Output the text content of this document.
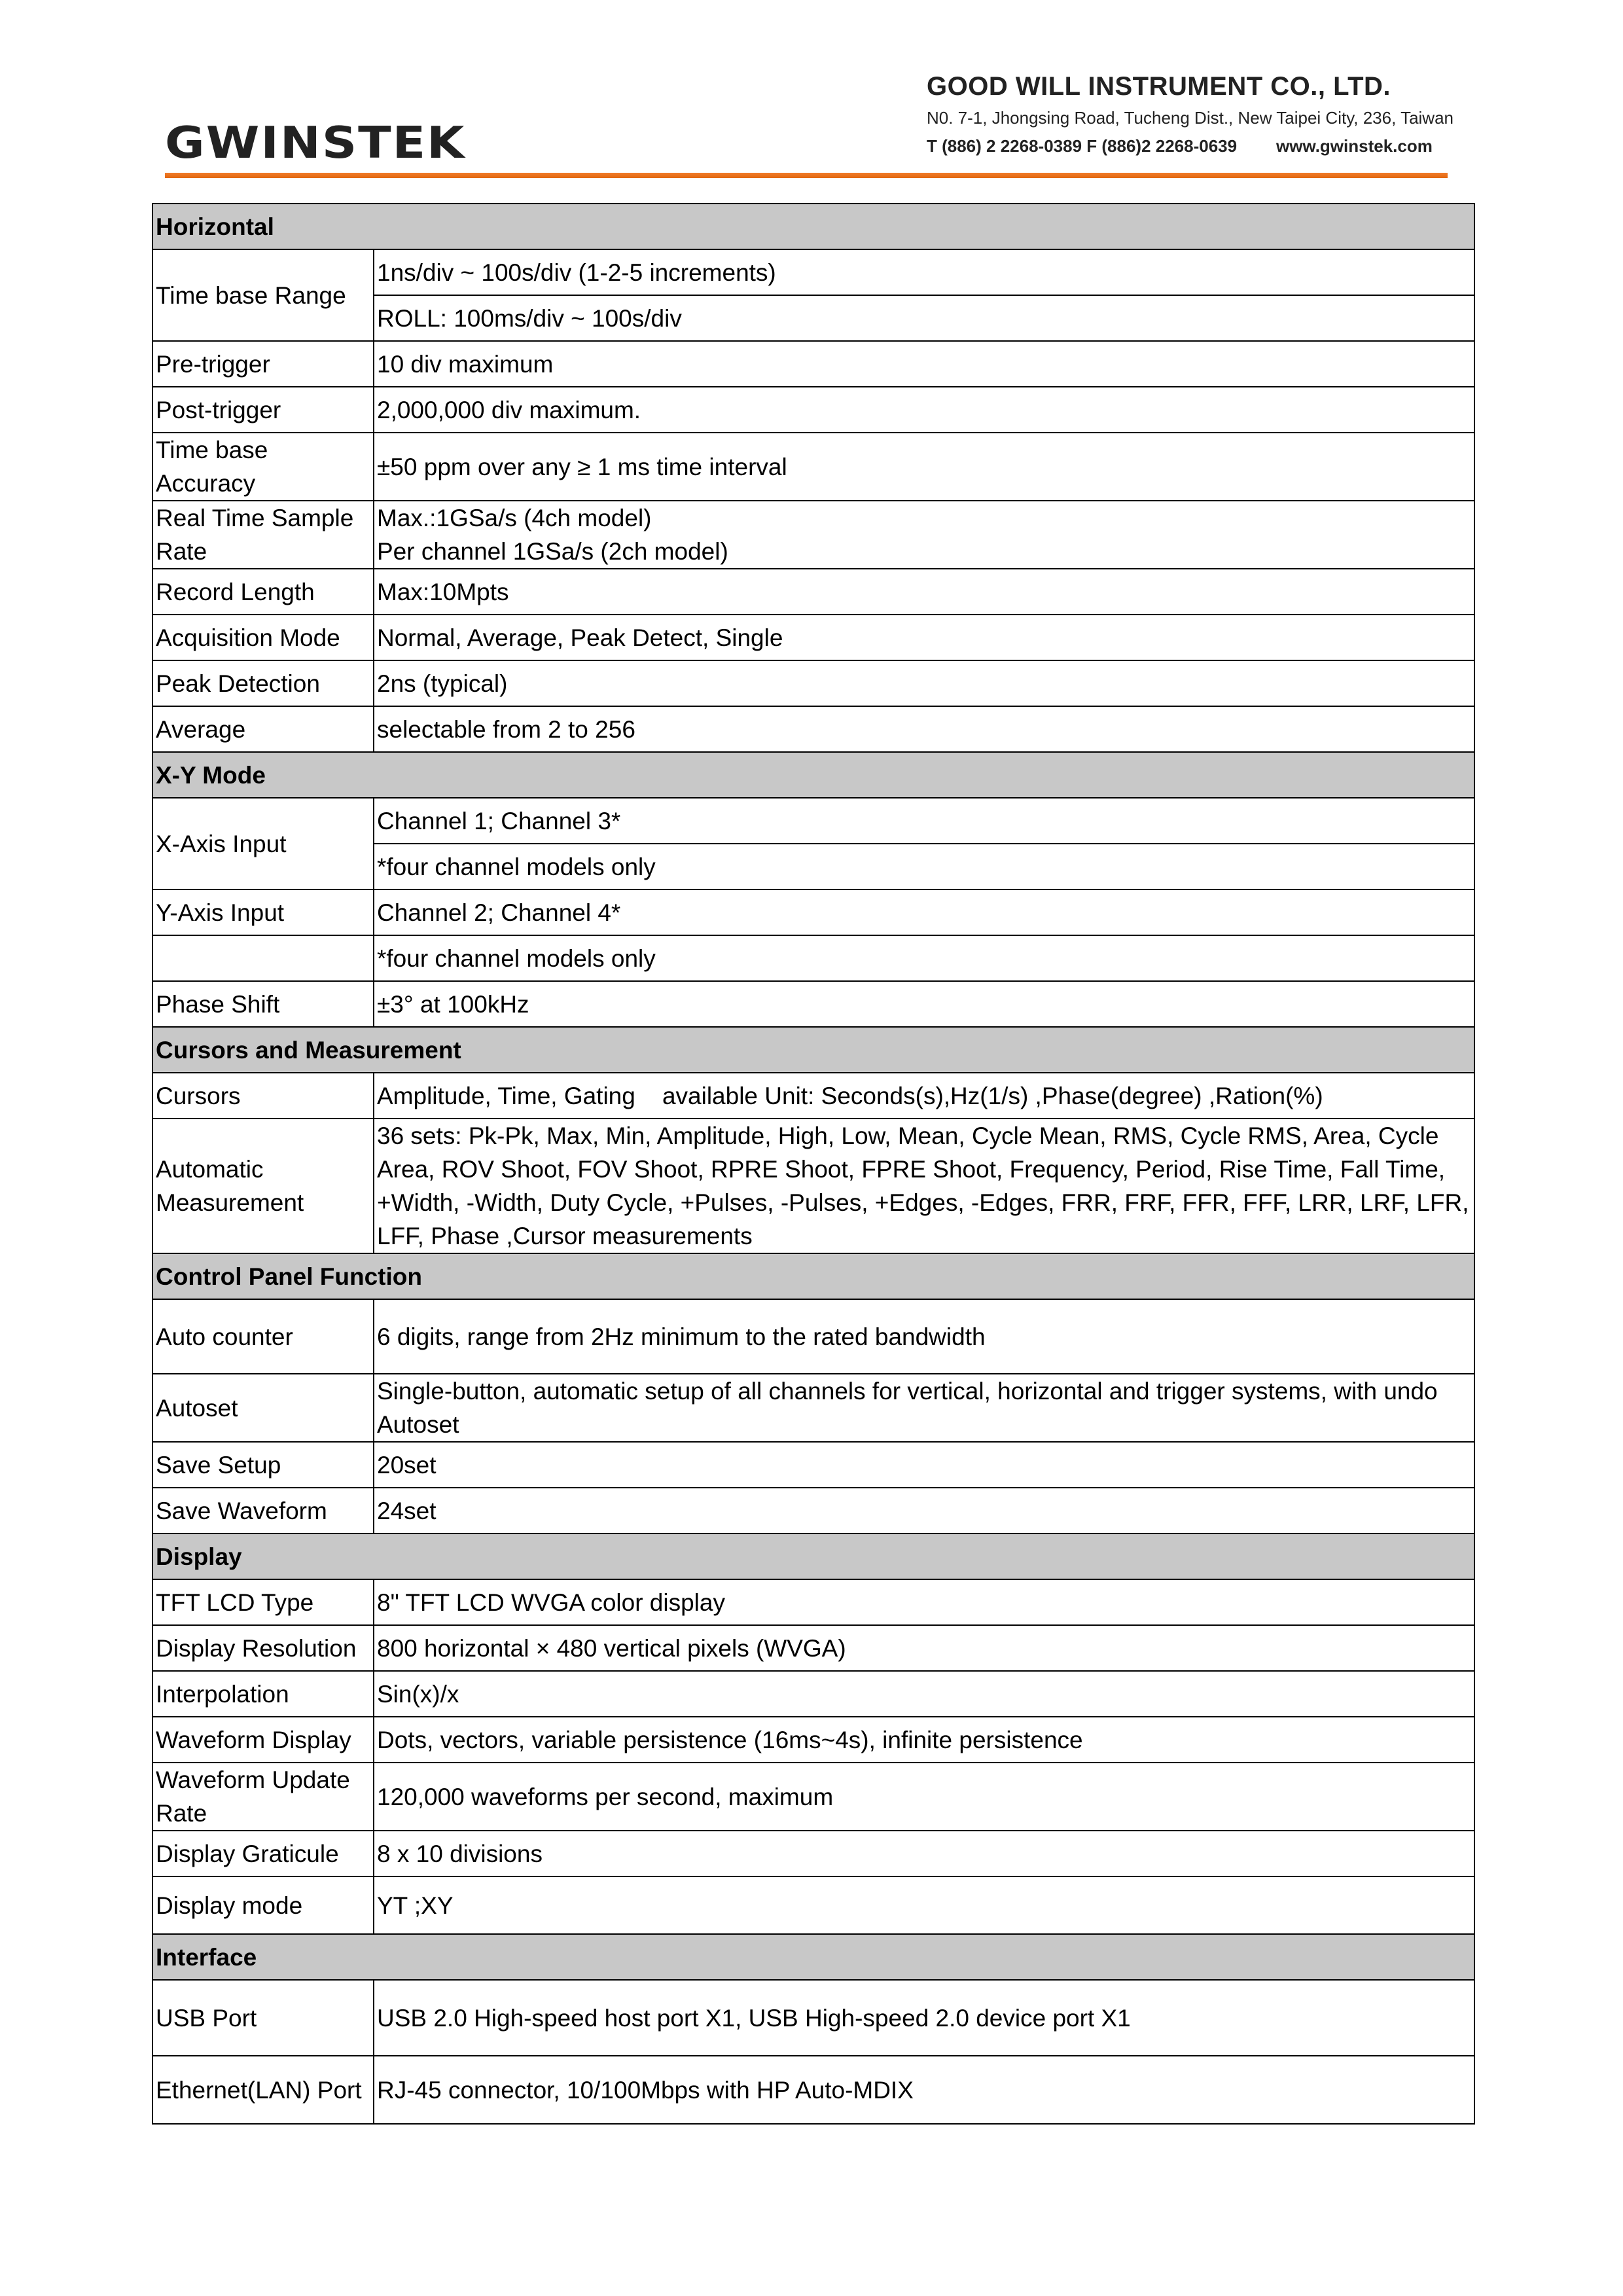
GWINSTEK
GOOD WILL INSTRUMENT CO., LTD.
N0. 7-1, Jhongsing Road, Tucheng Dist., New Taipei City, 236, Taiwan
T (886) 2 2268-0389 F (886)2 2268-0639 www.gwinstek.com
Horizontal	
Time base Range	1ns/div ~ 100s/div (1-2-5 increments)
	ROLL: 100ms/div ~ 100s/div
Pre-trigger	10 div maximum
Post-trigger	2,000,000 div maximum.
Time base Accuracy	±50 ppm over any ≥ 1 ms time interval
Real Time Sample Rate	Max.:1GSa/s (4ch model)
Per channel 1GSa/s (2ch model)

Record Length	Max:10Mpts
Acquisition Mode	Normal, Average, Peak Detect, Single
Peak Detection	2ns (typical)
Average	selectable from 2 to 256
X-Y Mode	
X-Axis Input	Channel 1; Channel 3*
	*four channel models only
Y-Axis Input	Channel 2; Channel 4*
	*four channel models only
Phase Shift	±3° at 100kHz
Cursors and Measurement	
Cursors	Amplitude, Time, Gating    available Unit: Seconds(s),Hz(1/s) ,Phase(degree) ,Ration(%)
Automatic Measurement	36 sets: Pk-Pk, Max, Min, Amplitude, High, Low, Mean, Cycle Mean, RMS, Cycle RMS, Area, Cycle Area, ROV Shoot, FOV Shoot, RPRE Shoot, FPRE Shoot, Frequency, Period, Rise Time, Fall Time, +Width, -Width, Duty Cycle, +Pulses, -Pulses, +Edges, -Edges, FRR, FRF, FFR, FFF, LRR, LRF, LFR, LFF, Phase ,Cursor measurements
Control Panel Function	
Auto counter	6 digits, range from 2Hz minimum to the rated bandwidth
Autoset	Single-button, automatic setup of all channels for vertical, horizontal and trigger systems, with undo    Autoset
Save Setup	20set
Save Waveform	24set
Display	
TFT LCD Type	8" TFT LCD WVGA color display
Display Resolution	800 horizontal × 480 vertical pixels (WVGA)
Interpolation	Sin(x)/x
Waveform Display	Dots, vectors, variable persistence (16ms~4s), infinite persistence
Waveform Update Rate	120,000 waveforms per second, maximum
Display Graticule	8 x 10 divisions
Display mode	YT ;XY
Interface	
USB Port	USB 2.0 High-speed host port X1, USB High-speed 2.0 device port X1
Ethernet(LAN) Port	RJ-45 connector, 10/100Mbps with HP Auto-MDIX
